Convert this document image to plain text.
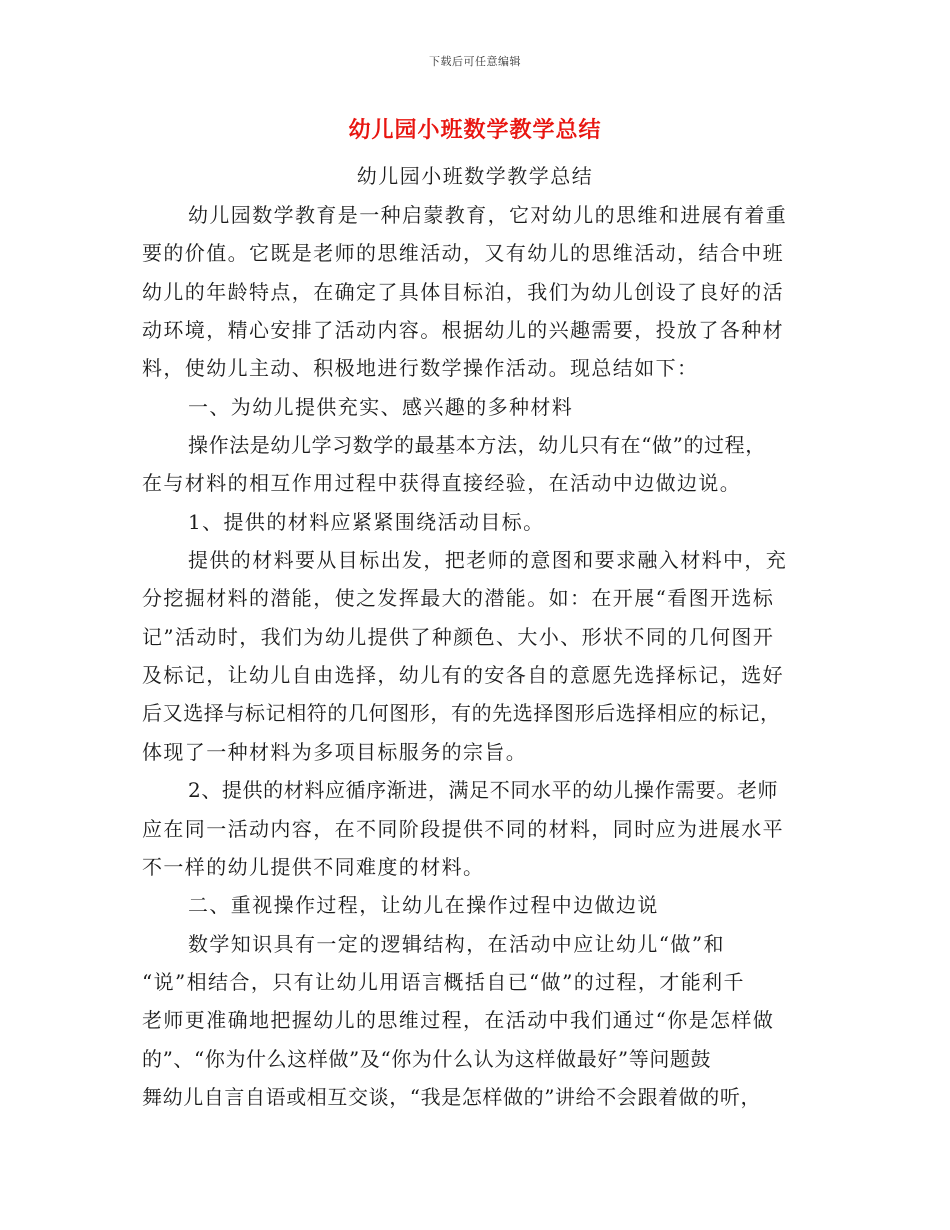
下载后可任意编辑
幼儿园小班数学教学总结
幼儿园小班数学教学总结
幼儿园数学教育是一种启蒙教育，它对幼儿的思维和进展有着重
要的价值。它既是老师的思维活动，又有幼儿的思维活动，结合中班
幼儿的年龄特点，在确定了具体目标泊，我们为幼儿创设了良好的活
动环境，精心安排了活动内容。根据幼儿的兴趣需要，投放了各种材
料，使幼儿主动、积极地进行数学操作活动。现总结如下：
一、为幼儿提供充实、感兴趣的多种材料
操作法是幼儿学习数学的最基本方法，幼儿只有在“做”的过程，
在与材料的相互作用过程中获得直接经验，在活动中边做边说。
1、提供的材料应紧紧围绕活动目标。
提供的材料要从目标出发，把老师的意图和要求融入材料中，充
分挖掘材料的潜能，使之发挥最大的潜能。如：在开展“看图开选标
记”活动时，我们为幼儿提供了种颜色、大小、形状不同的几何图开
及标记，让幼儿自由选择，幼儿有的安各自的意愿先选择标记，选好
后又选择与标记相符的几何图形，有的先选择图形后选择相应的标记，
体现了一种材料为多项目标服务的宗旨。
2、提供的材料应循序渐进，满足不同水平的幼儿操作需要。老师
应在同一活动内容，在不同阶段提供不同的材料，同时应为进展水平
不一样的幼儿提供不同难度的材料。
二、重视操作过程，让幼儿在操作过程中边做边说
数学知识具有一定的逻辑结构，在活动中应让幼儿“做”和
“说”相结合，只有让幼儿用语言概括自已“做”的过程，才能利千
老师更准确地把握幼儿的思维过程，在活动中我们通过“你是怎样做
的”、“你为什么这样做”及“你为什么认为这样做最好”等问题鼓
舞幼儿自言自语或相互交谈，“我是怎样做的”讲给不会跟着做的听，
